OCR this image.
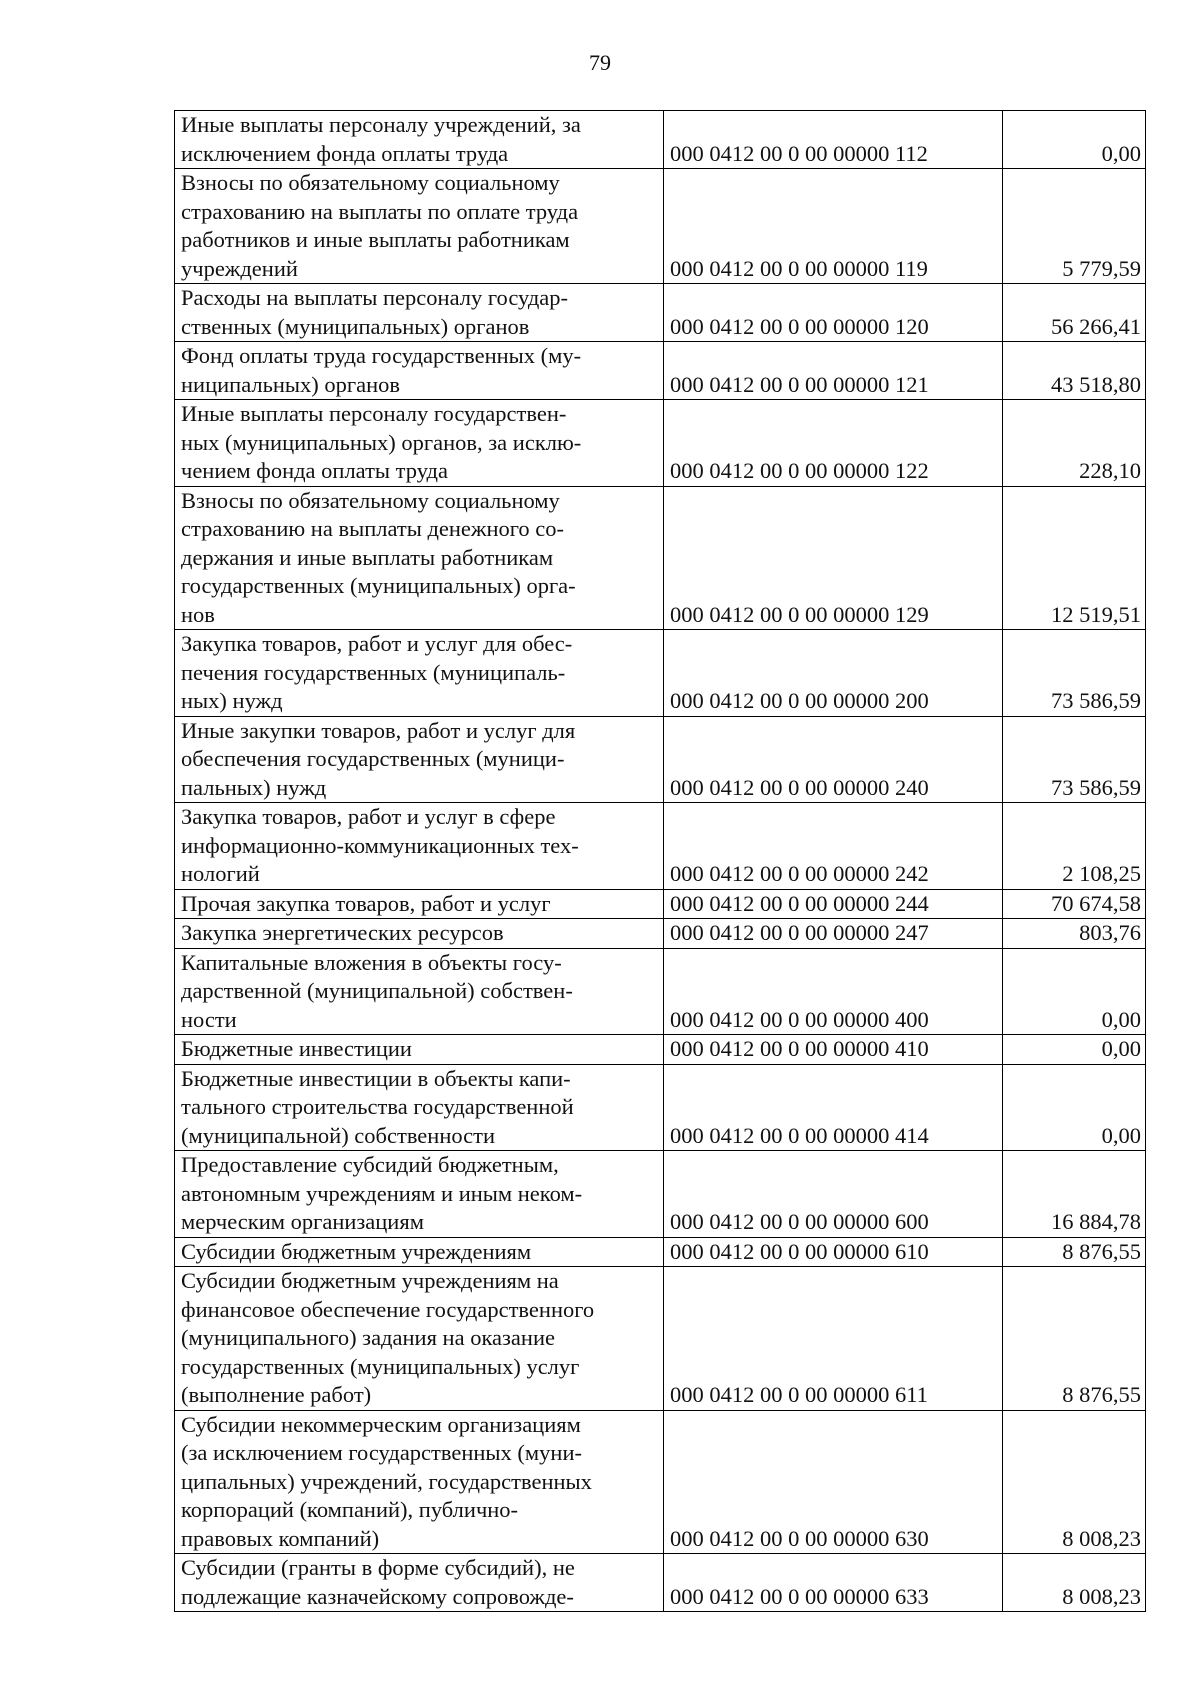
79
Иные выплаты персоналу учреждений, за
исключением фонда оплаты труда	000 0412 00 0 00 00000 112	0,00

Взносы по обязательному социальному
страхованию на выплаты по оплате труда
работников и иные выплаты работникам
учреждений	000 0412 00 0 00 00000 119	5 779,59

Расходы на выплаты персоналу государ-
ственных (муниципальных) органов	000 0412 00 0 00 00000 120	56 266,41

Фонд оплаты труда государственных (му-
ниципальных) органов	000 0412 00 0 00 00000 121	43 518,80

Иные выплаты персоналу государствен-
ных (муниципальных) органов, за исклю-
чением фонда оплаты труда	000 0412 00 0 00 00000 122	228,10

Взносы по обязательному социальному
страхованию на выплаты денежного со-
держания и иные выплаты работникам
государственных (муниципальных) орга-
нов	000 0412 00 0 00 00000 129	12 519,51

Закупка товаров, работ и услуг для обес-
печения государственных (муниципаль-
ных) нужд	000 0412 00 0 00 00000 200	73 586,59

Иные закупки товаров, работ и услуг для
обеспечения государственных (муници-
пальных) нужд	000 0412 00 0 00 00000 240	73 586,59

Закупка товаров, работ и услуг в сфере
информационно-коммуникационных тех-
нологий	000 0412 00 0 00 00000 242	2 108,25

Прочая закупка товаров, работ и услуг	000 0412 00 0 00 00000 244	70 674,58

Закупка энергетических ресурсов	000 0412 00 0 00 00000 247	803,76

Капитальные вложения в объекты госу-
дарственной (муниципальной) собствен-
ности	000 0412 00 0 00 00000 400	0,00

Бюджетные инвестиции	000 0412 00 0 00 00000 410	0,00

Бюджетные инвестиции в объекты капи-
тального строительства государственной
(муниципальной) собственности	000 0412 00 0 00 00000 414	0,00

Предоставление субсидий бюджетным,
автономным учреждениям и иным неком-
мерческим организациям	000 0412 00 0 00 00000 600	16 884,78

Субсидии бюджетным учреждениям	000 0412 00 0 00 00000 610	8 876,55

Субсидии бюджетным учреждениям на
финансовое обеспечение государственного
(муниципального) задания на оказание
государственных (муниципальных) услуг
(выполнение работ)	000 0412 00 0 00 00000 611	8 876,55

Субсидии некоммерческим организациям
(за исключением государственных (муни-
ципальных) учреждений, государственных
корпораций (компаний), публично-
правовых компаний)	000 0412 00 0 00 00000 630	8 008,23

Субсидии (гранты в форме субсидий), не
подлежащие казначейскому сопровожде-	000 0412 00 0 00 00000 633	8 008,23
